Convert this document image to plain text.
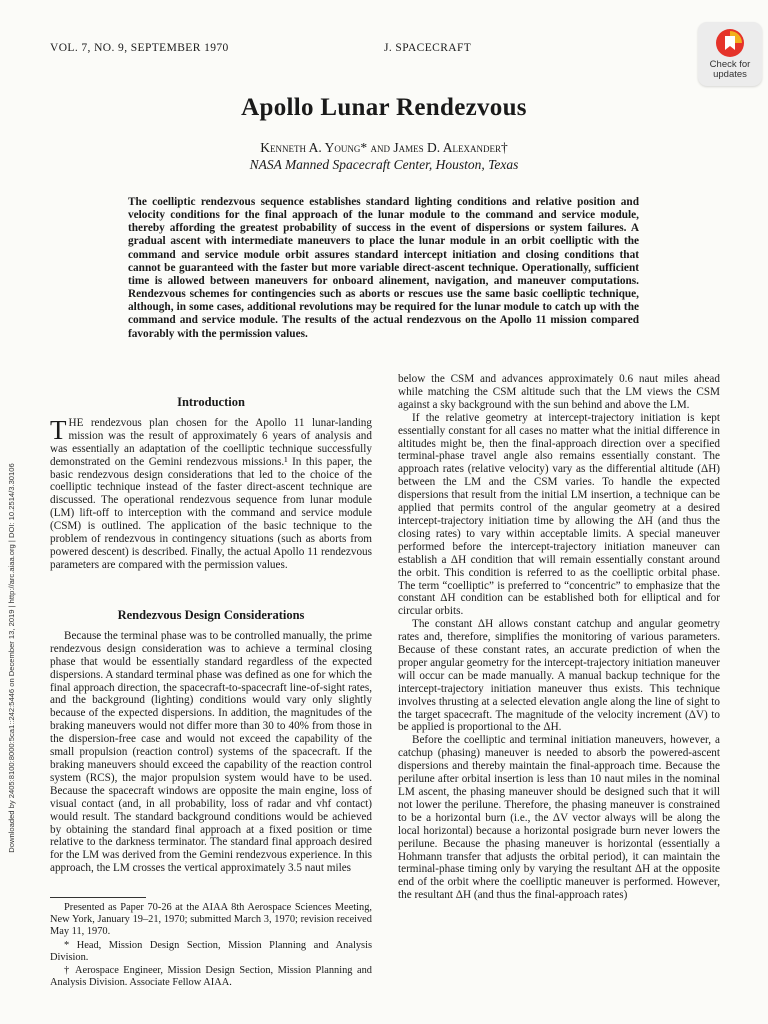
VOL. 7, NO. 9, SEPTEMBER 1970	J. SPACECRAFT
Check for updates
Apollo Lunar Rendezvous
Kenneth A. Young* and James D. Alexander†
NASA Manned Spacecraft Center, Houston, Texas

The coelliptic rendezvous sequence establishes standard lighting conditions and relative position and velocity conditions for the final approach of the lunar module to the command and service module, thereby affording the greatest probability of success in the event of dispersions or system failures. A gradual ascent with intermediate maneuvers to place the lunar module in an orbit coelliptic with the command and service module orbit assures standard intercept initiation and closing conditions that cannot be guaranteed with the faster but more variable direct-ascent technique. Operationally, sufficient time is allowed between maneuvers for onboard alinement, navigation, and maneuver computations. Rendezvous schemes for contingencies such as aborts or rescues use the same basic coelliptic technique, although, in some cases, additional revolutions may be required for the lunar module to catch up with the command and service module. The results of the actual rendezvous on the Apollo 11 mission compared favorably with the permission values.

Downloaded by 2405:8100:8000:5ca1::242:5446 on December 13, 2019 | http://arc.aiaa.org | DOI: 10.2514/3.30106
Introduction

THE rendezvous plan chosen for the Apollo 11 lunar-landing mission was the result of approximately 6 years of analysis and was essentially an adaptation of the coelliptic technique successfully demonstrated on the Gemini rendezvous missions.¹ In this paper, the basic rendezvous design considerations that led to the choice of the coelliptic technique instead of the faster direct-ascent technique are discussed. The operational rendezvous sequence from lunar module (LM) lift-off to interception with the command and service module (CSM) is outlined. The application of the basic technique to the problem of rendezvous in contingency situations (such as aborts from powered descent) is described. Finally, the actual Apollo 11 rendezvous parameters are compared with the permission values.

Rendezvous Design Considerations

Because the terminal phase was to be controlled manually, the prime rendezvous design consideration was to achieve a terminal closing phase that would be essentially standard regardless of the expected dispersions. A standard terminal phase was defined as one for which the final approach direction, the spacecraft-to-spacecraft line-of-sight rates, and the background (lighting) conditions would vary only slightly because of the expected dispersions. In addition, the magnitudes of the braking maneuvers would not differ more than 30 to 40% from those in the dispersion-free case and would not exceed the capability of the small propulsion (reaction control) systems of the spacecraft. If the braking maneuvers should exceed the capability of the reaction control system (RCS), the major propulsion system would have to be used. Because the spacecraft windows are opposite the main engine, loss of visual contact (and, in all probability, loss of radar and vhf contact) would result. The standard background conditions would be achieved by obtaining the standard final approach at a fixed position or time relative to the darkness terminator. The standard final approach desired for the LM was derived from the Gemini rendezvous experience. In this approach, the LM crosses the vertical approximately 3.5 naut miles

Presented as Paper 70-26 at the AIAA 8th Aerospace Sciences Meeting, New York, January 19–21, 1970; submitted March 3, 1970; revision received May 11, 1970.

* Head, Mission Design Section, Mission Planning and Analysis Division.

† Aerospace Engineer, Mission Design Section, Mission Planning and Analysis Division. Associate Fellow AIAA.

below the CSM and advances approximately 0.6 naut miles ahead while matching the CSM altitude such that the LM views the CSM against a sky background with the sun behind and above the LM.

If the relative geometry at intercept-trajectory initiation is kept essentially constant for all cases no matter what the initial difference in altitudes might be, then the final-approach direction over a specified terminal-phase travel angle also remains essentially constant. The approach rates (relative velocity) vary as the differential altitude (ΔH) between the LM and the CSM varies. To handle the expected dispersions that result from the initial LM insertion, a technique can be applied that permits control of the angular geometry at a desired intercept-trajectory initiation time by allowing the ΔH (and thus the closing rates) to vary within acceptable limits. A special maneuver performed before the intercept-trajectory initiation maneuver can establish a ΔH condition that will remain essentially constant around the orbit. This condition is referred to as the coelliptic orbital phase. The term “coelliptic” is preferred to “concentric” to emphasize that the constant ΔH condition can be established both for elliptical and for circular orbits.

The constant ΔH allows constant catchup and angular geometry rates and, therefore, simplifies the monitoring of various parameters. Because of these constant rates, an accurate prediction of when the proper angular geometry for the intercept-trajectory initiation maneuver will occur can be made manually. A manual backup technique for the intercept-trajectory initiation maneuver thus exists. This technique involves thrusting at a selected elevation angle along the line of sight to the target spacecraft. The magnitude of the velocity increment (ΔV) to be applied is proportional to the ΔH.

Before the coelliptic and terminal initiation maneuvers, however, a catchup (phasing) maneuver is needed to absorb the powered-ascent dispersions and thereby maintain the final-approach time. Because the perilune after orbital insertion is less than 10 naut miles in the nominal LM ascent, the phasing maneuver should be designed such that it will not lower the perilune. Therefore, the phasing maneuver is constrained to be a horizontal burn (i.e., the ΔV vector always will be along the local horizontal) because a horizontal posigrade burn never lowers the perilune. Because the phasing maneuver is horizontal (essentially a Hohmann transfer that adjusts the orbital period), it can maintain the terminal-phase timing only by varying the resultant ΔH at the opposite end of the orbit where the coelliptic maneuver is performed. However, the resultant ΔH (and thus the final-approach rates)
